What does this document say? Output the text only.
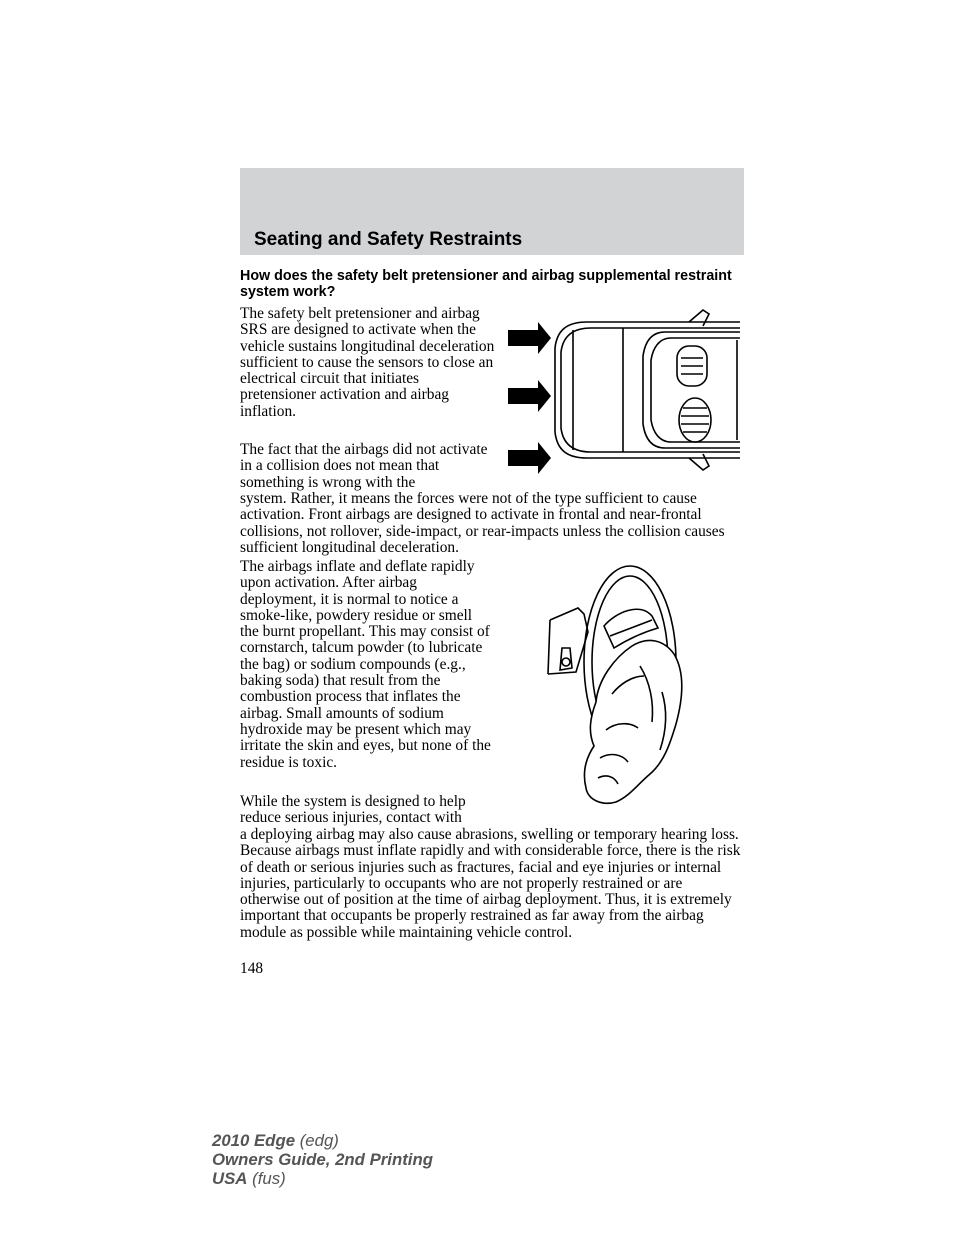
Seating and Safety Restraints
How does the safety belt pretensioner and airbag supplemental restraint system work?

The safety belt pretensioner and airbag SRS are designed to activate when the vehicle sustains longitudinal deceleration sufficient to cause the sensors to close an electrical circuit that initiates pretensioner activation and airbag inflation.

The fact that the airbags did not activate in a collision does not mean that something is wrong with the

system. Rather, it means the forces were not of the type sufficient to cause activation. Front airbags are designed to activate in frontal and near-frontal collisions, not rollover, side-impact, or rear-impacts unless the collision causes sufficient longitudinal deceleration.

The airbags inflate and deflate rapidly upon activation. After airbag deployment, it is normal to notice a smoke-like, powdery residue or smell the burnt propellant. This may consist of cornstarch, talcum powder (to lubricate the bag) or sodium compounds (e.g., baking soda) that result from the combustion process that inflates the airbag. Small amounts of sodium hydroxide may be present which may irritate the skin and eyes, but none of the residue is toxic.

While the system is designed to help reduce serious injuries, contact with

a deploying airbag may also cause abrasions, swelling or temporary hearing loss. Because airbags must inflate rapidly and with considerable force, there is the risk of death or serious injuries such as fractures, facial and eye injuries or internal injuries, particularly to occupants who are not properly restrained or are otherwise out of position at the time of airbag deployment. Thus, it is extremely important that occupants be properly restrained as far away from the airbag module as possible while maintaining vehicle control.

148
2010 Edge (edg)
Owners Guide, 2nd Printing
USA (fus)
